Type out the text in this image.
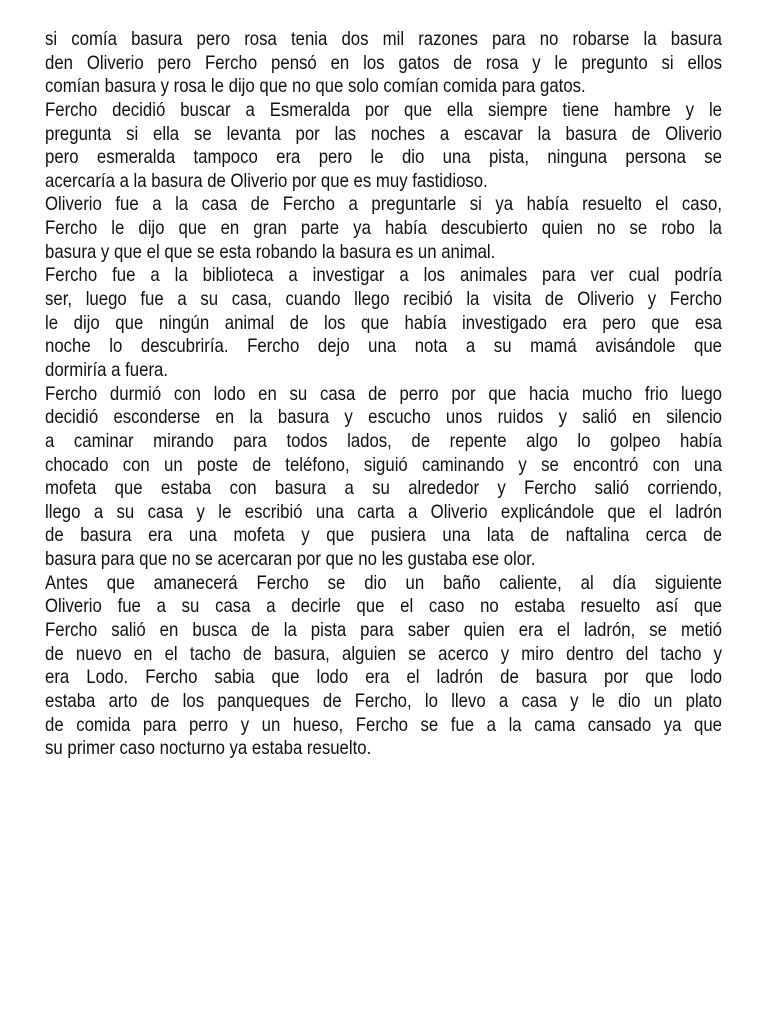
si comía basura pero rosa tenia dos mil razones para no robarse la basura
den Oliverio pero Fercho pensó en los gatos de rosa y le pregunto si ellos
comían basura y rosa le dijo que no que solo comían comida para gatos.
Fercho decidió buscar a Esmeralda por que ella siempre tiene hambre y le
pregunta si ella se levanta por las noches a escavar la basura de Oliverio
pero esmeralda tampoco era pero le dio una pista, ninguna persona se
acercaría a la basura de Oliverio por que es muy fastidioso.
Oliverio fue a la casa de Fercho a preguntarle si ya había resuelto el caso,
Fercho le dijo que en gran parte ya había descubierto quien no se robo la
basura y que el que se esta robando la basura es un animal.
Fercho fue a la biblioteca a investigar a los animales para ver cual podría
ser, luego fue a su casa, cuando llego recibió la visita de Oliverio y Fercho
le dijo que ningún animal de los que había investigado era pero que esa
noche lo descubriría. Fercho dejo una nota a su mamá avisándole que
dormiría a fuera.
Fercho durmió con lodo en su casa de perro por que hacia mucho frio luego
decidió esconderse en la basura y escucho unos ruidos y salió en silencio
a caminar mirando para todos lados, de repente algo lo golpeo había
chocado con un poste de teléfono, siguió caminando y se encontró con una
mofeta que estaba con basura a su alrededor y Fercho salió corriendo,
llego a su casa y le escribió una carta a Oliverio explicándole que el ladrón
de basura era una mofeta y que pusiera una lata de naftalina cerca de
basura para que no se acercaran por que no les gustaba ese olor.
Antes que amanecerá Fercho se dio un baño caliente, al día siguiente
Oliverio fue a su casa a decirle que el caso no estaba resuelto así que
Fercho salió en busca de la pista para saber quien era el ladrón, se metió
de nuevo en el tacho de basura, alguien se acerco y miro dentro del tacho y
era Lodo. Fercho sabia que lodo era el ladrón de basura por que lodo
estaba arto de los panqueques de Fercho, lo llevo a casa y le dio un plato
de comida para perro y un hueso, Fercho se fue a la cama cansado ya que
su primer caso nocturno ya estaba resuelto.
